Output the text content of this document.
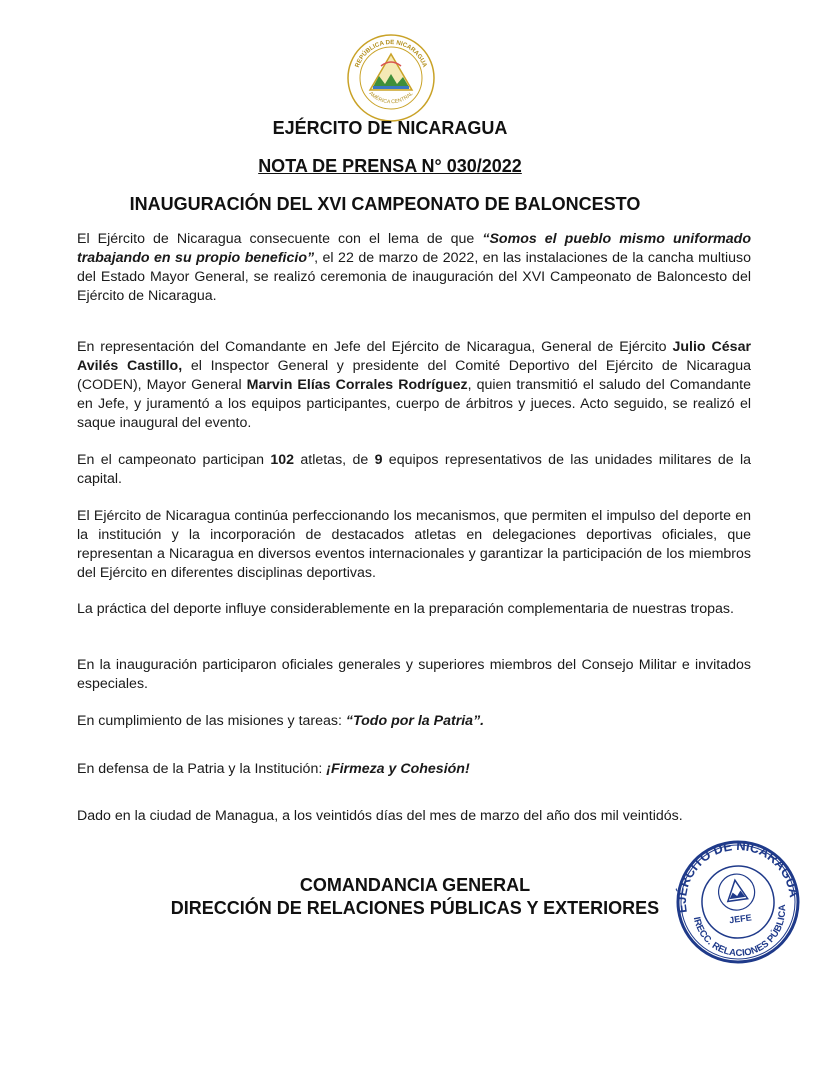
REPÚBLICA DE NICARAGUA
AMÉRICA CENTRAL
EJÉRCITO DE NICARAGUA
NOTA DE PRENSA N° 030/2022
INAUGURACIÓN DEL XVI CAMPEONATO DE BALONCESTO

El Ejército de Nicaragua consecuente con el lema de que “Somos el pueblo mismo uniformado trabajando en su propio beneficio”, el 22 de marzo de 2022, en las instalaciones de la cancha multiuso del Estado Mayor General, se realizó ceremonia de inauguración del XVI Campeonato de Baloncesto del Ejército de Nicaragua.

En representación del Comandante en Jefe del Ejército de Nicaragua, General de Ejército Julio César Avilés Castillo, el Inspector General y presidente del Comité Deportivo del Ejército de Nicaragua (CODEN), Mayor General Marvin Elías Corrales Rodríguez, quien transmitió el saludo del Comandante en Jefe, y juramentó a los equipos participantes, cuerpo de árbitros y jueces. Acto seguido, se realizó el saque inaugural del evento.

En el campeonato participan 102 atletas, de 9 equipos representativos de las unidades militares de la capital.

El Ejército de Nicaragua continúa perfeccionando los mecanismos, que permiten el impulso del deporte en la institución y la incorporación de destacados atletas en delegaciones deportivas oficiales, que representan a Nicaragua en diversos eventos internacionales y garantizar la participación de los miembros del Ejército en diferentes disciplinas deportivas.

La práctica del deporte influye considerablemente en la preparación complementaria de nuestras tropas.

En la inauguración participaron oficiales generales y superiores miembros del Consejo Militar e invitados especiales.

En cumplimiento de las misiones y tareas: “Todo por la Patria”.

En defensa de la Patria y la Institución: ¡Firmeza y Cohesión!

Dado en la ciudad de Managua, a los veintidós días del mes de marzo del año dos mil veintidós.

COMANDANCIA GENERAL
DIRECCIÓN DE RELACIONES PÚBLICAS Y EXTERIORES	EJÉRCITO DE NICARAGUA
DIRECC. RELACIONES PÚBLICAS
JEFE
